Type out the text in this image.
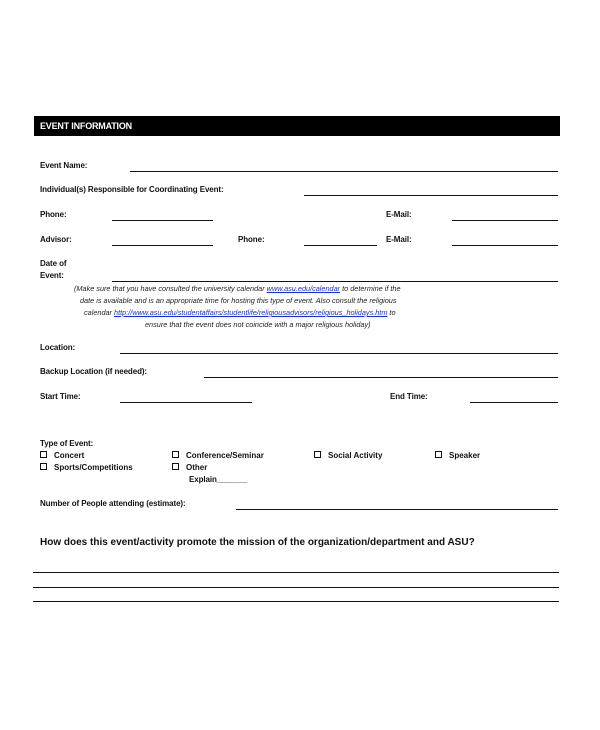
EVENT INFORMATION
Event Name:
Individual(s) Responsible for Coordinating Event:
Phone:	E-Mail:
Advisor:	Phone:	E-Mail:
Date of
Event:
(Make sure that you have consulted the university calendar www.asu.edu/calendar to determine if the
date is available and is an appropriate time for hosting this type of event. Also consult the religious
calendar http://www.asu.edu/studentaffairs/studentlife/religiousadvisors/religious_holidays.htm to
ensure that the event does not coincide with a major religious holiday)
Location:
Backup Location (if needed):
Start Time:	End Time:
Type of Event:
Concert	Conference/Seminar	Social Activity	Speaker
Sports/Competitions	Other
Explain_______
Number of People attending (estimate):
How does this event/activity promote the mission of the organization/department and ASU?
